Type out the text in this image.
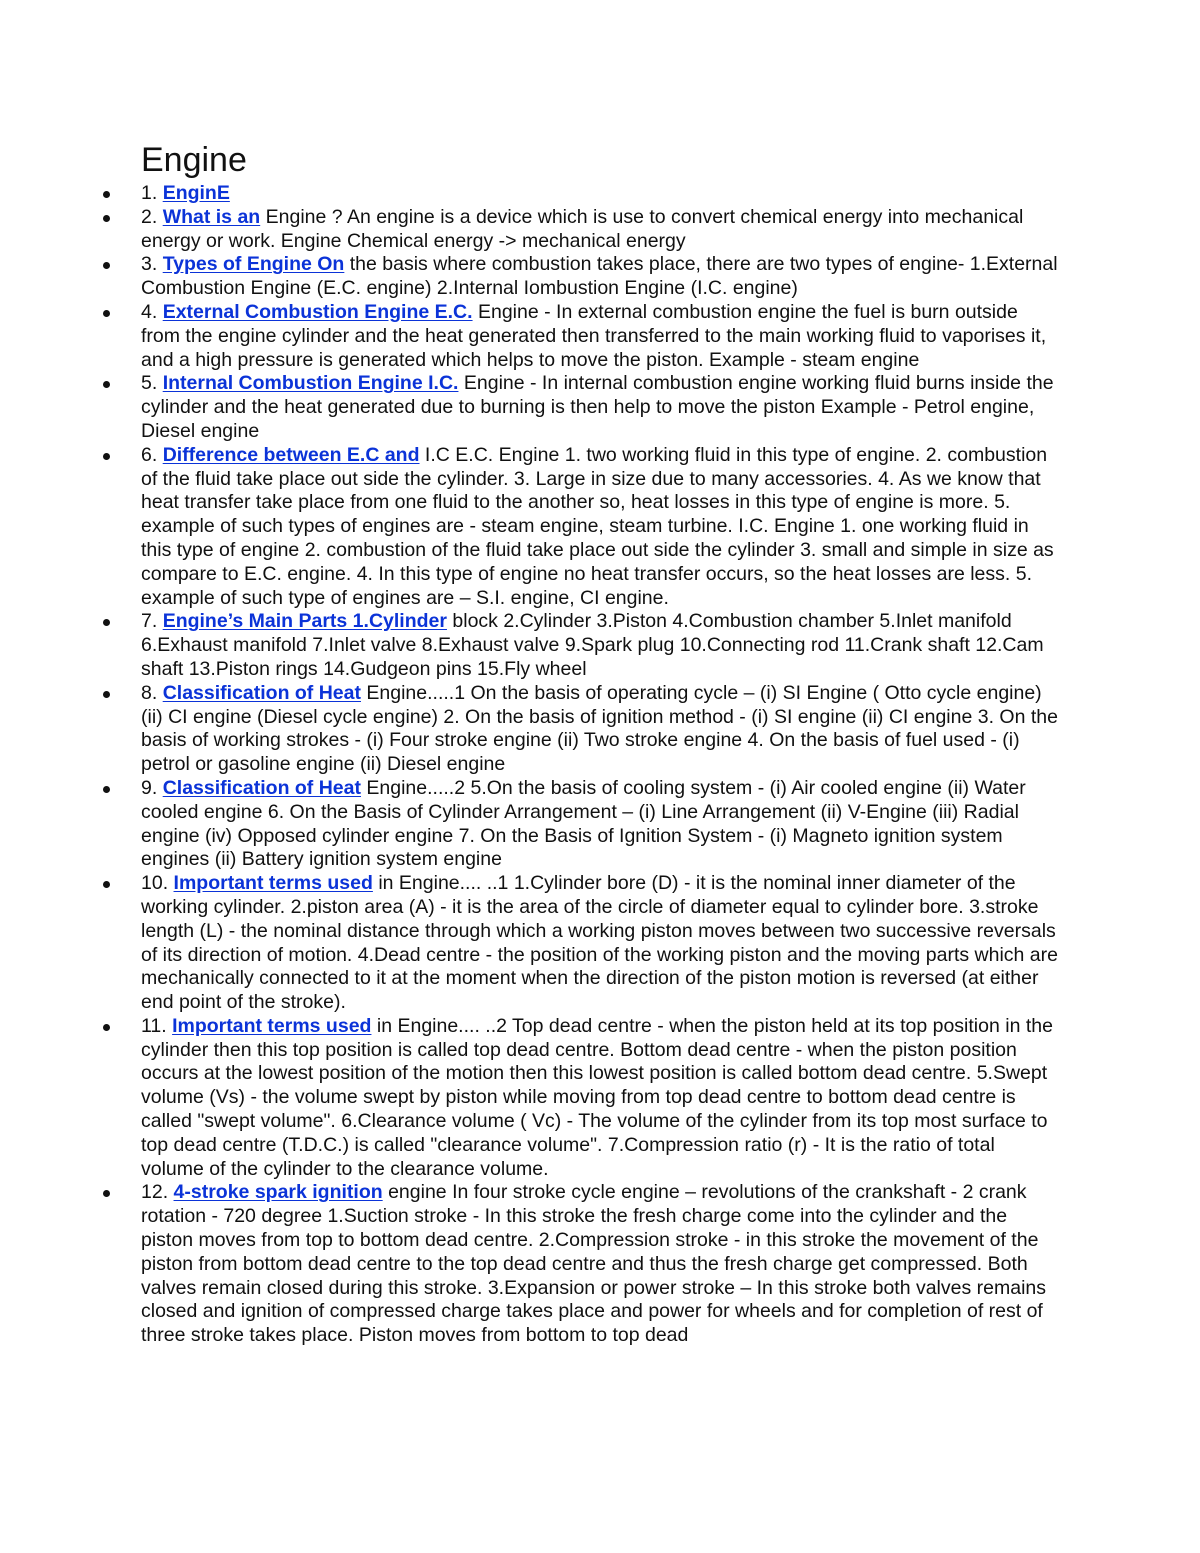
Engine
1. EnginE
2. What is an Engine ? An engine is a device which is use to convert chemical energy into mechanical energy or work. Engine Chemical energy -> mechanical energy
3. Types of Engine On the basis where combustion takes place, there are two types of engine- 1.External Combustion Engine (E.C. engine) 2.Internal Iombustion Engine (I.C. engine)
4. External Combustion Engine E.C. Engine - In external combustion engine the fuel is burn outside from the engine cylinder and the heat generated then transferred to the main working fluid to vaporises it, and a high pressure is generated which helps to move the piston. Example - steam engine
5. Internal Combustion Engine I.C. Engine - In internal combustion engine working fluid burns inside the cylinder and the heat generated due to burning is then help to move the piston Example - Petrol engine, Diesel engine
6. Difference between E.C and I.C E.C. Engine 1. two working fluid in this type of engine. 2. combustion of the fluid take place out side the cylinder. 3. Large in size due to many accessories. 4. As we know that heat transfer take place from one fluid to the another so, heat losses in this type of engine is more. 5. example of such types of engines are - steam engine, steam turbine. I.C. Engine 1. one working fluid in this type of engine 2. combustion of the fluid take place out side the cylinder 3. small and simple in size as compare to E.C. engine. 4. In this type of engine no heat transfer occurs, so the heat losses are less. 5. example of such type of engines are – S.I. engine, CI engine.
7. Engine’s Main Parts 1.Cylinder block 2.Cylinder 3.Piston 4.Combustion chamber 5.Inlet manifold 6.Exhaust manifold 7.Inlet valve 8.Exhaust valve 9.Spark plug 10.Connecting rod 11.Crank shaft 12.Cam shaft 13.Piston rings 14.Gudgeon pins 15.Fly wheel
8. Classification of Heat Engine.....1 On the basis of operating cycle – (i) SI Engine ( Otto cycle engine) (ii) CI engine (Diesel cycle engine) 2. On the basis of ignition method - (i) SI engine (ii) CI engine 3. On the basis of working strokes - (i) Four stroke engine (ii) Two stroke engine 4. On the basis of fuel used - (i) petrol or gasoline engine (ii) Diesel engine
9. Classification of Heat Engine.....2 5.On the basis of cooling system - (i) Air cooled engine (ii) Water cooled engine 6. On the Basis of Cylinder Arrangement – (i) Line Arrangement (ii) V-Engine (iii) Radial engine (iv) Opposed cylinder engine 7. On the Basis of Ignition System - (i) Magneto ignition system engines (ii) Battery ignition system engine
10. Important terms used in Engine.... ..1 1.Cylinder bore (D) - it is the nominal inner diameter of the working cylinder. 2.piston area (A) - it is the area of the circle of diameter equal to cylinder bore. 3.stroke length (L) - the nominal distance through which a working piston moves between two successive reversals of its direction of motion. 4.Dead centre - the position of the working piston and the moving parts which are mechanically connected to it at the moment when the direction of the piston motion is reversed (at either end point of the stroke).
11. Important terms used in Engine.... ..2 Top dead centre - when the piston held at its top position in the cylinder then this top position is called top dead centre. Bottom dead centre - when the piston position occurs at the lowest position of the motion then this lowest position is called bottom dead centre. 5.Swept volume (Vs) - the volume swept by piston while moving from top dead centre to bottom dead centre is called "swept volume". 6.Clearance volume ( Vc) - The volume of the cylinder from its top most surface to top dead centre (T.D.C.) is called "clearance volume". 7.Compression ratio (r) - It is the ratio of total volume of the cylinder to the clearance volume.
12. 4-stroke spark ignition engine In four stroke cycle engine – revolutions of the crankshaft - 2 crank rotation - 720 degree 1.Suction stroke - In this stroke the fresh charge come into the cylinder and the piston moves from top to bottom dead centre. 2.Compression stroke - in this stroke the movement of the piston from bottom dead centre to the top dead centre and thus the fresh charge get compressed. Both valves remain closed during this stroke. 3.Expansion or power stroke – In this stroke both valves remains closed and ignition of compressed charge takes place and power for wheels and for completion of rest of three stroke takes place. Piston moves from bottom to top dead
